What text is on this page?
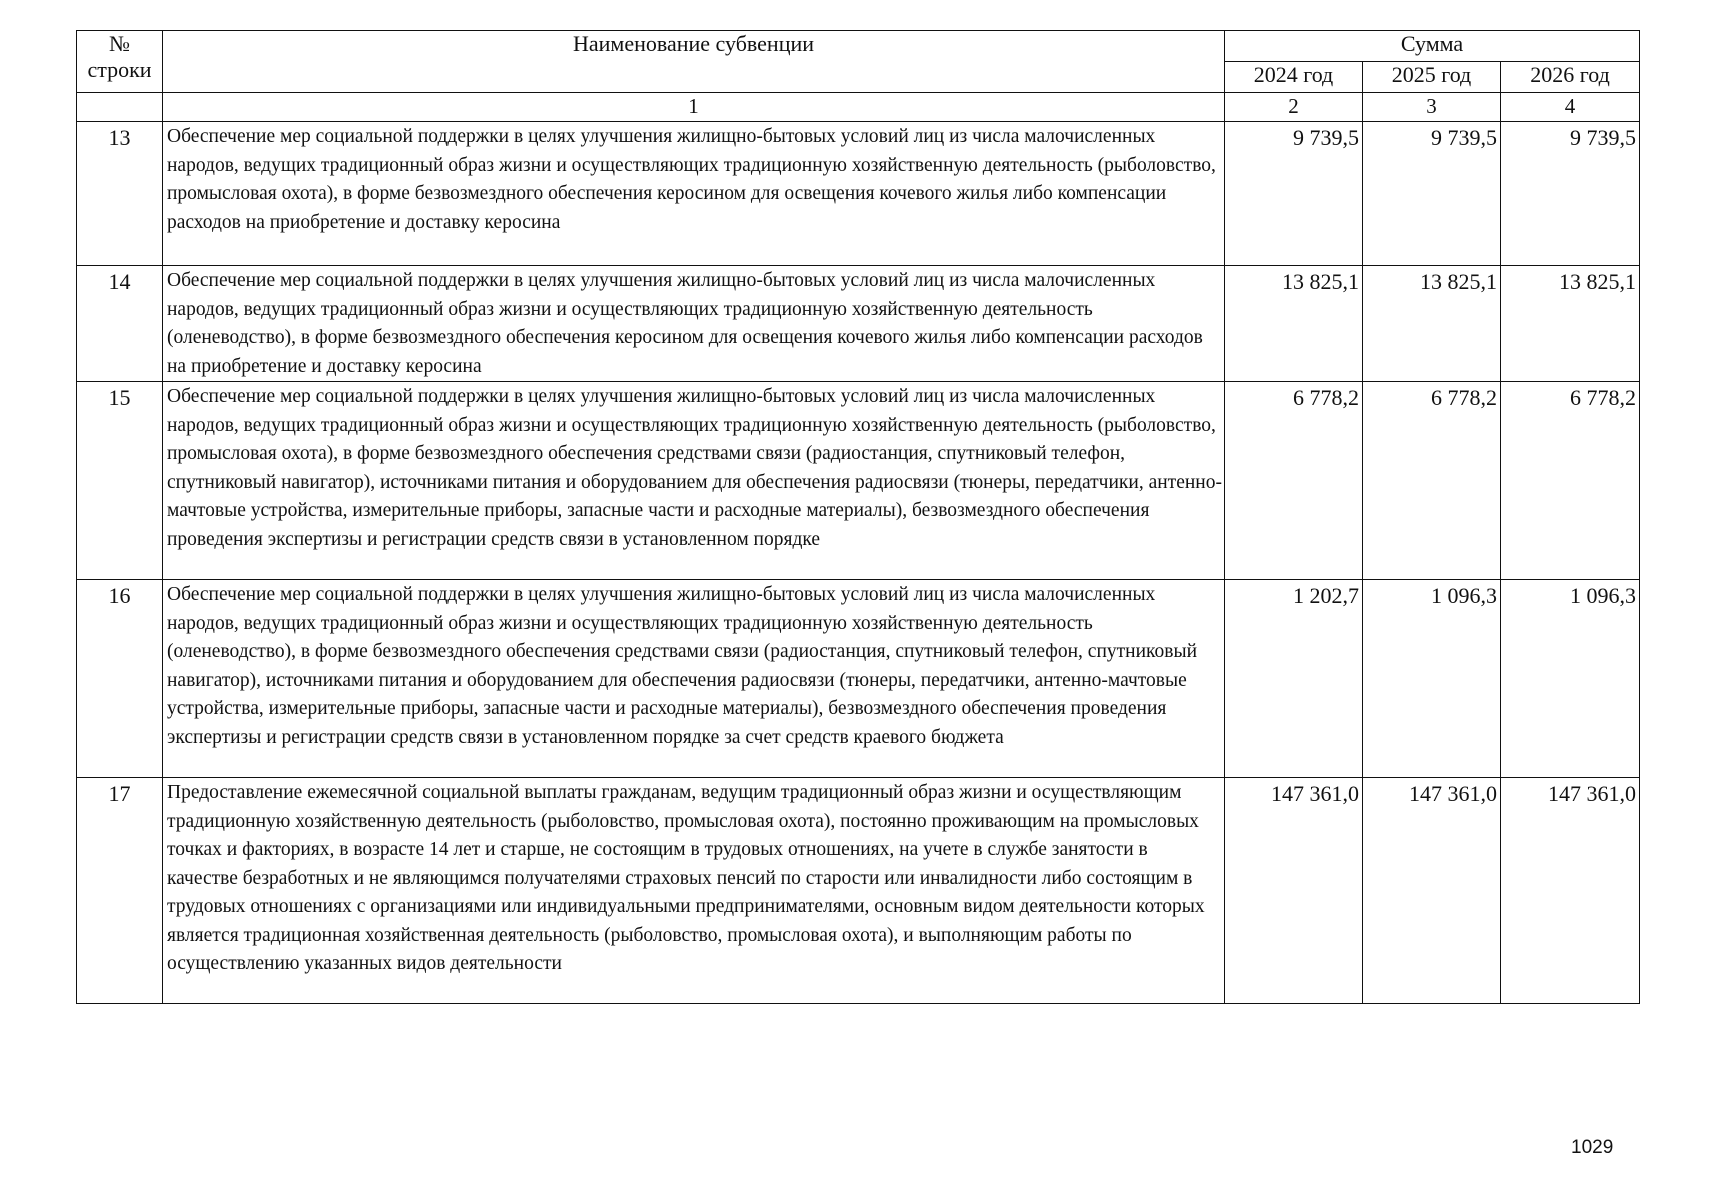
№
строки	Наименование субвенции	Сумма		
		2024 год	2025 год	2026 год
	1	2	3	4
13	Обеспечение мер социальной поддержки в целях улучшения жилищно-бытовых условий лиц из числа малочисленных народов, ведущих традиционный образ жизни и осуществляющих традиционную хозяйственную деятельность (рыболовство, промысловая охота), в форме безвозмездного обеспечения керосином для освещения кочевого жилья либо компенсации расходов на приобретение и доставку керосина	9 739,5	9 739,5	9 739,5
14	Обеспечение мер социальной поддержки в целях улучшения жилищно-бытовых условий лиц из числа малочисленных народов, ведущих традиционный образ жизни и осуществляющих традиционную хозяйственную деятельность (оленеводство), в форме безвозмездного обеспечения керосином для освещения кочевого жилья либо компенсации расходов на приобретение и доставку керосина	13 825,1	13 825,1	13 825,1
15	Обеспечение мер социальной поддержки в целях улучшения жилищно-бытовых условий лиц из числа малочисленных народов, ведущих традиционный образ жизни и осуществляющих традиционную хозяйственную деятельность (рыболовство, промысловая охота), в форме безвозмездного обеспечения средствами связи (радиостанция, спутниковый телефон, спутниковый навигатор), источниками питания и оборудованием для обеспечения радиосвязи (тюнеры, передатчики, антенно-мачтовые устройства, измерительные приборы, запасные части и расходные материалы), безвозмездного обеспечения проведения экспертизы и регистрации средств связи в установленном порядке	6 778,2	6 778,2	6 778,2
16	Обеспечение мер социальной поддержки в целях улучшения жилищно-бытовых условий лиц из числа малочисленных народов, ведущих традиционный образ жизни и осуществляющих традиционную хозяйственную деятельность (оленеводство), в форме безвозмездного обеспечения средствами связи (радиостанция, спутниковый телефон, спутниковый навигатор), источниками питания и оборудованием для обеспечения радиосвязи (тюнеры, передатчики, антенно-мачтовые устройства, измерительные приборы, запасные части и расходные материалы), безвозмездного обеспечения проведения экспертизы и регистрации средств связи в установленном порядке за счет средств краевого бюджета	1 202,7	1 096,3	1 096,3
17	Предоставление ежемесячной социальной выплаты гражданам, ведущим традиционный образ жизни и осуществляющим традиционную хозяйственную деятельность (рыболовство, промысловая охота), постоянно проживающим на промысловых точках и факториях, в возрасте 14 лет и старше, не состоящим в трудовых отношениях, на учете в службе занятости в качестве безработных и не являющимся получателями страховых пенсий по старости или инвалидности либо состоящим в трудовых отношениях с организациями или индивидуальными предпринимателями, основным видом деятельности которых является традиционная хозяйственная деятельность (рыболовство, промысловая охота), и выполняющим работы по осуществлению указанных видов деятельности	147 361,0	147 361,0	147 361,0
1029
